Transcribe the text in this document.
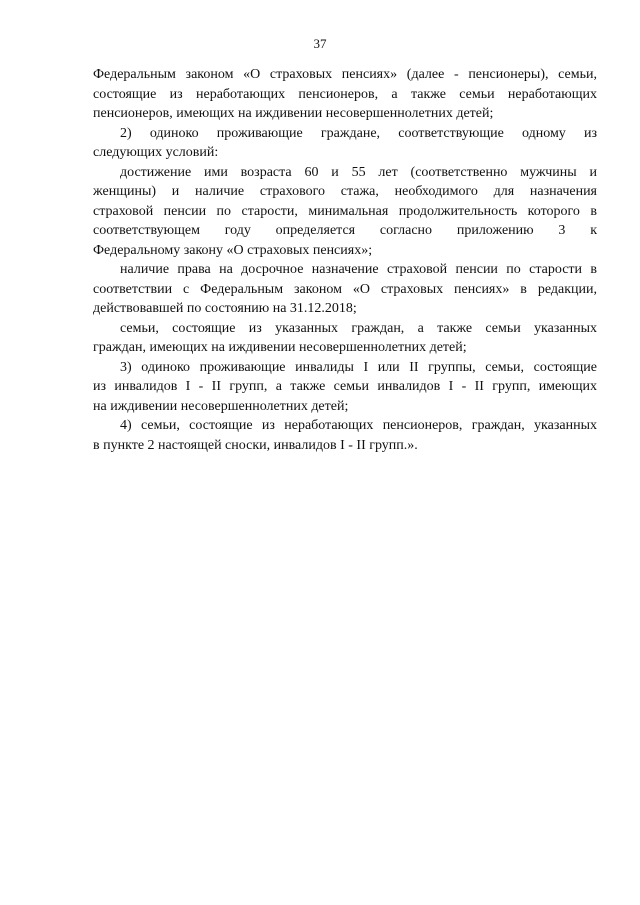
37

Федеральным законом «О страховых пенсиях» (далее - пенсионеры), семьи,
состоящие из неработающих пенсионеров, а также семьи неработающих
пенсионеров, имеющих на иждивении несовершеннолетних детей;

2) одиноко проживающие граждане, соответствующие одному из
следующих условий:

достижение ими возраста 60 и 55 лет (соответственно мужчины и
женщины) и наличие страхового стажа, необходимого для назначения
страховой пенсии по старости, минимальная продолжительность которого в
соответствующем году определяется согласно приложению 3 к
Федеральному закону «О страховых пенсиях»;

наличие права на досрочное назначение страховой пенсии по старости в
соответствии с Федеральным законом «О страховых пенсиях» в редакции,
действовавшей по состоянию на 31.12.2018;

семьи, состоящие из указанных граждан, а также семьи указанных
граждан, имеющих на иждивении несовершеннолетних детей;

3) одиноко проживающие инвалиды I или II группы, семьи, состоящие
из инвалидов I - II групп, а также семьи инвалидов I - II групп, имеющих
на иждивении несовершеннолетних детей;

4) семьи, состоящие из неработающих пенсионеров, граждан, указанных
в пункте 2 настоящей сноски, инвалидов I - II групп.».
